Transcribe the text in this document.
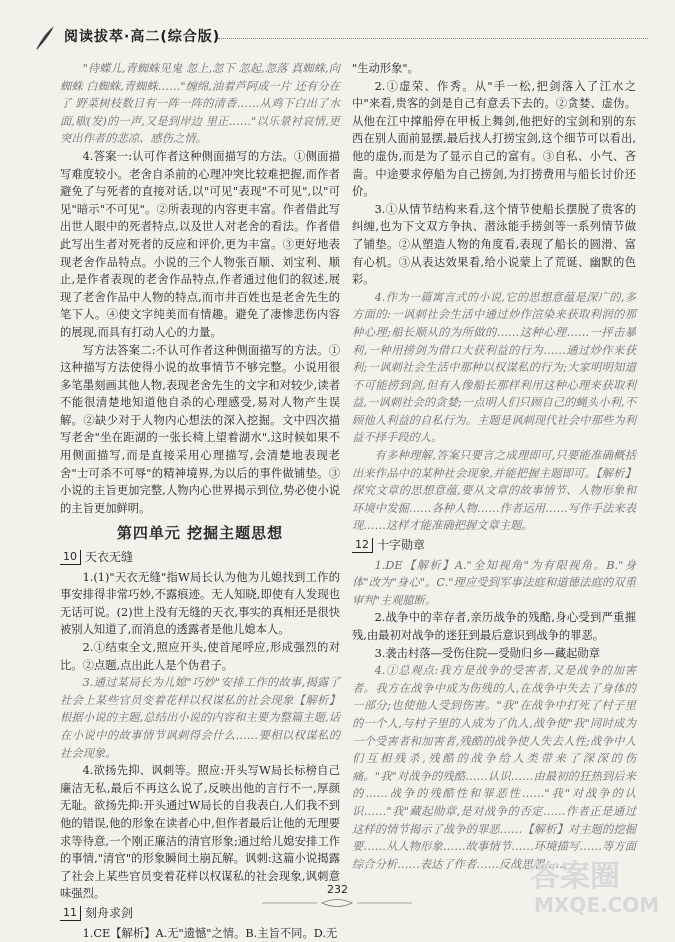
阅读拔萃·高二(综合版)

"待蝶儿,青蜘蛛见鬼 忽上,忽下 忽起,忽落 真蜘蛛,向蜘蛛 白蜘蛛,青蜘蛛……"缠绵,油着芦阿成一片 还有分在了 野菜树枝数目有一阵一阵的清香……从鸡下白出了水面,歇(发)的一声,又是到岸边 里正……"以乐景衬哀情,更突出作者的悲凉、感伤之情。

4.答案一:认可作者这种侧面描写的方法。①侧面描写难度较小。老舍自杀前的心理冲突比较难把握,而作者避免了与死者的直接对话,以"可见"表现"不可见",以"可见"暗示"不可见"。②所表现的内容更丰富。作者借此写出世人眼中的死者特点,以及世人对老舍的看法。作者借此写出生者对死者的反应和评价,更为丰富。③更好地表现老舍作品特点。小说的三个人物张百顺、刘宝利、顺止,是作者表现的老舍作品特点,作者通过他们的叙述,展现了老舍作品中人物的特点,而市井百姓也是老舍先生的笔下人。④使文字纯美而有情趣。避免了凄惨悲伤内容的展现,而具有打动人心的力量。

写方法答案二:不认可作者这种侧面描写的方法。①这种描写方法使得小说的故事情节不够完整。小说用很多笔墨刻画其他人物,表现老舍先生的文字和对较少,读者不能很清楚地知道他自杀的心理感受,易对人物产生误解。②缺少对于人物内心想法的深入挖掘。文中四次描写老舍"坐在距湖的一张长椅上望着湖水",这时候如果不用侧面描写,而是直接采用心理描写,会清楚地表现老舍"士可杀不可辱"的精神境界,为以后的事件做铺垫。③小说的主旨更加完整,人物内心世界揭示到位,势必使小说的主旨更加鲜明。

第四单元 挖掘主题思想
10 天衣无缝

1.(1)"天衣无缝"指W局长认为他为儿媳找到工作的事安排得非常巧妙,不露痕迹。无人知晓,即使有人发现也无话可说。(2)世上没有无缝的天衣,事实的真相还是很快被别人知道了,而消息的透露者是他儿媳本人。

2.①结束全文,照应开头,使首尾呼应,形成强烈的对比。②点题,点出此人是个伪君子。

3.通过某局长为儿媳"巧妙"安排工作的故事,揭露了社会上某些官员变着花样以权谋私的社会现象【解析】根据小说的主题,总结出小说的内容和主要为整篇主题,话在小说中的故事情节讽刺得会什么……要相以权谋私的社会现象。

4.欲扬先抑、讽刺等。照应:开头写W局长标榜自己廉洁无私,最后不再这么说了,反映出他的言行不一,厚颜无耻。欲扬先抑:开头通过W局长的自我表白,人们我不到他的错误,他的形象在读者心中,但作者最后让他的无理要求等待意,一个刚正廉洁的清官形象;通过给儿媳安排工作的事情,"清官"的形象瞬间土崩瓦解。讽刺:这篇小说揭露了社会上某些官员变着花样以权谋私的社会现象,讽刺意味强烈。

11 刻舟求剑

1.CE【解析】A.无"遗憾"之情。B.主旨不同。D.无

"生动形象"。

2.①虚荣、作秀。从"手一松,把剑落入了江水之中"来看,贵客的剑是自己有意丢下去的。②贪婪、虚伪。从他在江中撑船停在甲板上舞剑,他把好的宝剑和别的东西在别人面前显摆,最后找人打捞宝剑,这个细节可以看出,他的虚伪,而是为了显示自己的富有。③自私、小气、吝啬。中途要求停船为自己捞剑,为打捞费用与船长讨价还价。

3.①从情节结构来看,这个情节使船长摆脱了贵客的纠缠,也为下文双方争执、潜泳能手捞剑等一系列情节做了铺垫。②从塑造人物的角度看,表现了船长的圆滑、富有心机。③从表达效果看,给小说蒙上了荒诞、幽默的色彩。

4.作为一篇寓言式的小说,它的思想意蕴是深广的,多方面的:一讽刺社会生活中通过炒作渲染来获取利润的那种心理;船长顺从的为所做的……这种心理……一抨击暴利,一种用捞剑为借口大获利益的行为……通过炒作来获利;一讽刺社会生活中那种以权谋私的行为;大家明明知道不可能捞到剑,但有人像船长那样利用这种心理来获取利益,一讽刺社会的贪婪;一点明人们只顾自己的蝇头小利,不顾他人利益的自私行为。主题是讽刺现代社会中那些为利益不择手段的人。

有多种理解,答案只要言之成理即可,只要能准确概括出来作品中的某种社会现象,并能把握主题即可。【解析】探究文章的思想意蕴,要从文章的故事情节、人物形象和环境中发掘……各种人物……作者运用……写作手法来表现……这样才能准确把握文章主题。

12 十字勋章

1.DE【解析】A."全知视角"为有限视角。B."身体"改为"身心"。C."理应受到军事法庭和道德法庭的双重审判"主观臆断。

2.战争中的幸存者,亲历战争的残酷,身心受到严重摧残,由最初对战争的迷狂到最后意识到战争的罪恶。

3.袭击村落—受伤住院—受勋归乡—藏起勋章

4.①总观点:我方是战争的受害者,又是战争的加害者。我方在战争中成为伤残的人,在战争中失去了身体的一部分;也使他人受到伤害。"我"在战争中打死了村子里的一个人,与村子里的人成为了仇人,战争使"我"同时成为一个受害者和加害者,残酷的战争使人失去人性;战争中人们互相残杀,残酷的战争给人类带来了深深的伤痛。"我"对战争的残酷……认识……由最初的狂热到后来的……战争的残酷性和罪恶性……"我"对战争的认识……"我"藏起勋章,是对战争的否定……作者正是通过这样的情节揭示了战争的罪恶……【解析】对主题的挖掘要……从人物形象……故事情节……环境描写……等方面综合分析……表达了作者……反战思想……

232	答案圈
MXQE.COM
